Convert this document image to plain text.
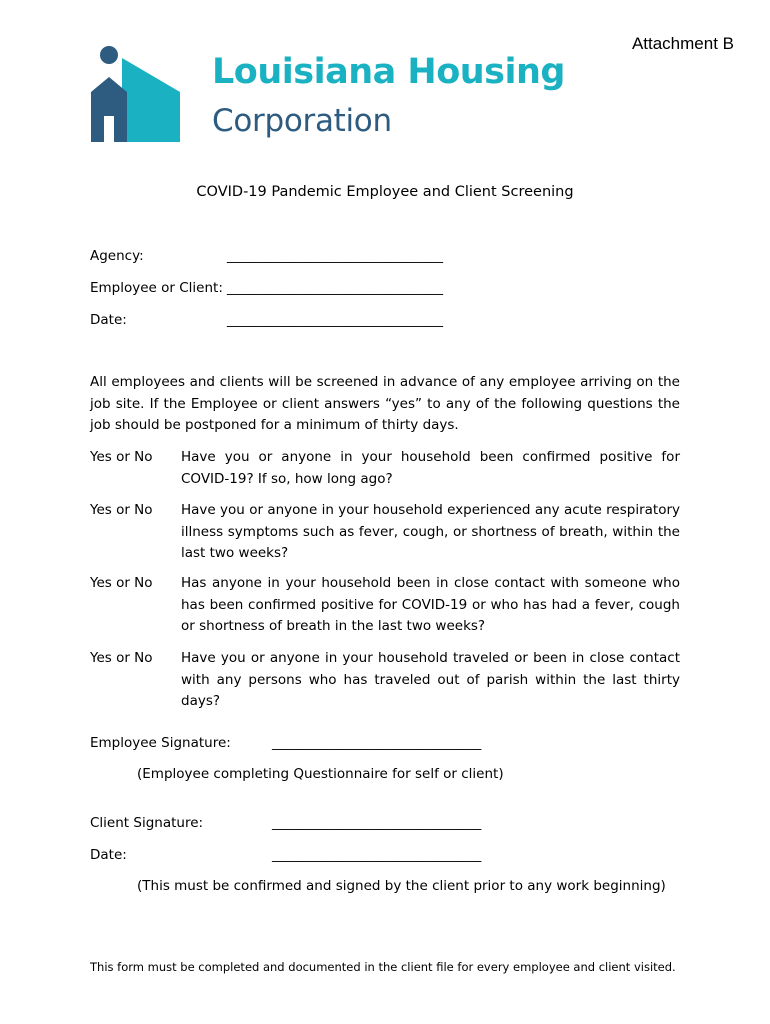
Attachment B
Louisiana Housing
Corporation
COVID-19 Pandemic Employee and Client Screening
Agency:	________________________________
Employee or Client: ________________________________
Date:	________________________________
All employees and clients will be screened in advance of any employee arriving on the job site. If the Employee or client answers “yes” to any of the following questions the job should be postponed for a minimum of thirty days.
Yes or No Have you or anyone in your household been confirmed positive for COVID-19? If so, how long ago?
Yes or No Have you or anyone in your household experienced any acute respiratory illness symptoms such as fever, cough, or shortness of breath, within the last two weeks?
Yes or No Has anyone in your household been in close contact with someone who has been confirmed positive for COVID-19 or who has had a fever, cough or shortness of breath in the last two weeks?
Yes or No Have you or anyone in your household traveled or been in close contact with any persons who has traveled out of parish within the last thirty days?
Employee Signature:	_______________________________
(Employee completing Questionnaire for self or client)
Client Signature:	_______________________________
Date:	_______________________________
(This must be confirmed and signed by the client prior to any work beginning)
This form must be completed and documented in the client file for every employee and client visited.
